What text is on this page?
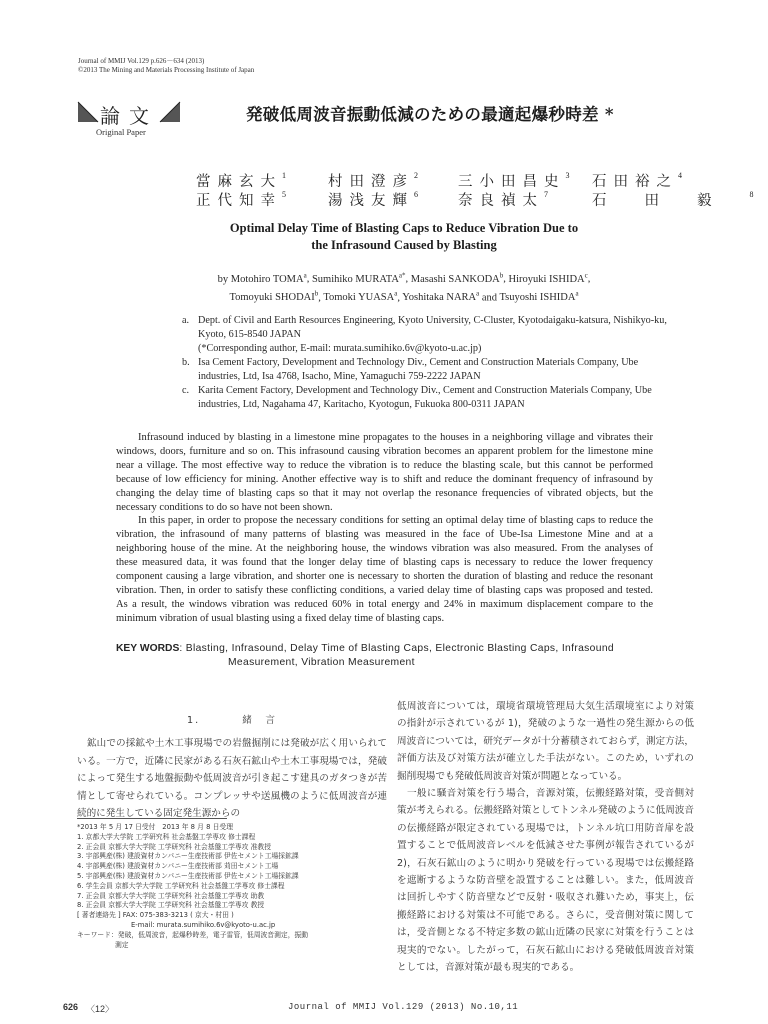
Journal of MMIJ Vol.129 p.626－634 (2013)
©2013 The Mining and Materials Processing Institute of Japan
論文
Original Paper
発破低周波音振動低減のための最適起爆秒時差 *
當麻玄大$^1$	村田澄彦$^2$	三小田昌史$^3$ 石田裕之$^4$
正代知幸$^5$	湯浅友輝$^6$	奈良禎太$^7$	石田毅$^8$
Optimal Delay Time of Blasting Caps to Reduce Vibration Due to
the Infrasound Caused by Blasting
by Motohiro TOMA$^a$, Sumihiko $MURATA^{a*}$, Masashi SANKODA$^b$, Hiroyuki ISHIDA$^c$,
Tomoyuki SHODAI$^b$, Tomoki YUASA$^a$, Yoshitaka NARA$^a$ and Tsuyoshi ISHIDA$^a$
a. Dept. of Civil and Earth Resources Engineering, Kyoto University, C-Cluster, Kyotodaigaku-katsura, Nishikyo-ku, Kyoto, 615-8540 JAPAN
(*Corresponding author, E-mail: murata.sumihiko.6v@kyoto-u.ac.jp)
b. Isa Cement Factory, Development and Technology Div., Cement and Construction Materials Company, Ube industries, Ltd, Isa 4768, Isacho, Mine, Yamaguchi 759-2222 JAPAN
c. Karita Cement Factory, Development and Technology Div., Cement and Construction Materials Company, Ube industries, Ltd, Nagahama 47, Karitacho, Kyotogun, Fukuoka 800-0311 JAPAN

Infrasound induced by blasting in a limestone mine propagates to the houses in a neighboring village and vibrates their windows, doors, furniture and so on. This infrasound causing vibration becomes an apparent problem for the limestone mine near a village. The most effective way to reduce the vibration is to reduce the blasting scale, but this cannot be performed because of low efficiency for mining. Another effective way is to shift and reduce the dominant frequency of infrasound by changing the delay time of blasting caps so that it may not overlap the resonance frequencies of vibrated objects, but the necessary conditions to do so have not been shown.

In this paper, in order to propose the necessary conditions for setting an optimal delay time of blasting caps to reduce the vibration, the infrasound of many patterns of blasting was measured in the face of Ube-Isa Limestone Mine and at a neighboring house of the mine. At the neighboring house, the windows vibration was also measured. From the analyses of these measured data, it was found that the longer delay time of blasting caps is necessary to reduce the lower frequency component causing a large vibration, and shorter one is necessary to shorten the duration of blasting and reduce the resonant vibration. Then, in order to satisfy these conflicting conditions, a varied delay time of blasting caps was proposed and tested. As a result, the windows vibration was reduced 60% in total energy and 24% in maximum displacement compare to the minimum vibration of usual blasting using a fixed delay time of blasting caps.

KEY WORDS: Blasting, Infrasound, Delay Time of Blasting Caps, Electronic Blasting Caps, Infrasound
Measurement, Vibration Measurement
1.	緒　言

鉱山での採鉱や土木工事現場での岩盤掘削には発破が広く用いられている。一方で，近隣に民家がある石灰石鉱山や土木工事現場では，発破によって発生する地盤振動や低周波音が引き起こす建具のガタつきが苦情として寄せられている。コンプレッサや送風機のように低周波音が連続的に発生している固定発生源からの

*2013 年 5 月 17 日受付　2013 年 8 月 8 日受理
1. 京都大学大学院 工学研究科 社会基盤工学専攻 修士課程
2. 正会員 京都大学大学院 工学研究科 社会基盤工学専攻 准教授
3. 宇部興産(株) 建設資材カンパニー生産技術部 伊佐セメント工場採鉱課
4. 宇部興産(株) 建設資材カンパニー生産技術部 苅田セメント工場
5. 宇部興産(株) 建設資材カンパニー生産技術部 伊佐セメント工場採鉱課
6. 学生会員 京都大学大学院 工学研究科 社会基盤工学専攻 修士課程
7. 正会員 京都大学大学院 工学研究科 社会基盤工学専攻 助教
8. 正会員 京都大学大学院 工学研究科 社会基盤工学専攻 教授
[ 著者連絡先 ] FAX: 075-383-3213 ( 京大・村田 )
E-mail: murata.sumihiko.6v@kyoto-u.ac.jp
キーワード：発破，低周波音，起爆秒時差，電子雷管，低周波音測定，振動
測定

低周波音については，環境省環境管理局大気生活環境室により対策の指針が示されているが 1)，発破のような一過性の発生源からの低周波音については，研究データが十分蓄積されておらず，測定方法，評価方法及び対策方法が確立した手法がない。このため，いずれの掘削現場でも発破低周波音対策が問題となっている。

一般に騒音対策を行う場合，音源対策，伝搬経路対策，受音側対策が考えられる。伝搬経路対策としてトンネル発破のように低周波音の伝搬経路が限定されている現場では，トンネル坑口用防音扉を設置することで低周波音レベルを低減させた事例が報告されているが 2)，石灰石鉱山のように明かり発破を行っている現場では伝搬経路を遮断するような防音壁を設置することは難しい。また，低周波音は回折しやすく防音壁などで反射・吸収され難いため，事実上，伝搬経路における対策は不可能である。さらに，受音側対策に関しては，受音側となる不特定多数の鉱山近隣の民家に対策を行うことは現実的でない。したがって，石灰石鉱山における発破低周波音対策としては，音源対策が最も現実的である。

626 〈12〉	Journal of MMIJ Vol.129 (2013) No.10,11
